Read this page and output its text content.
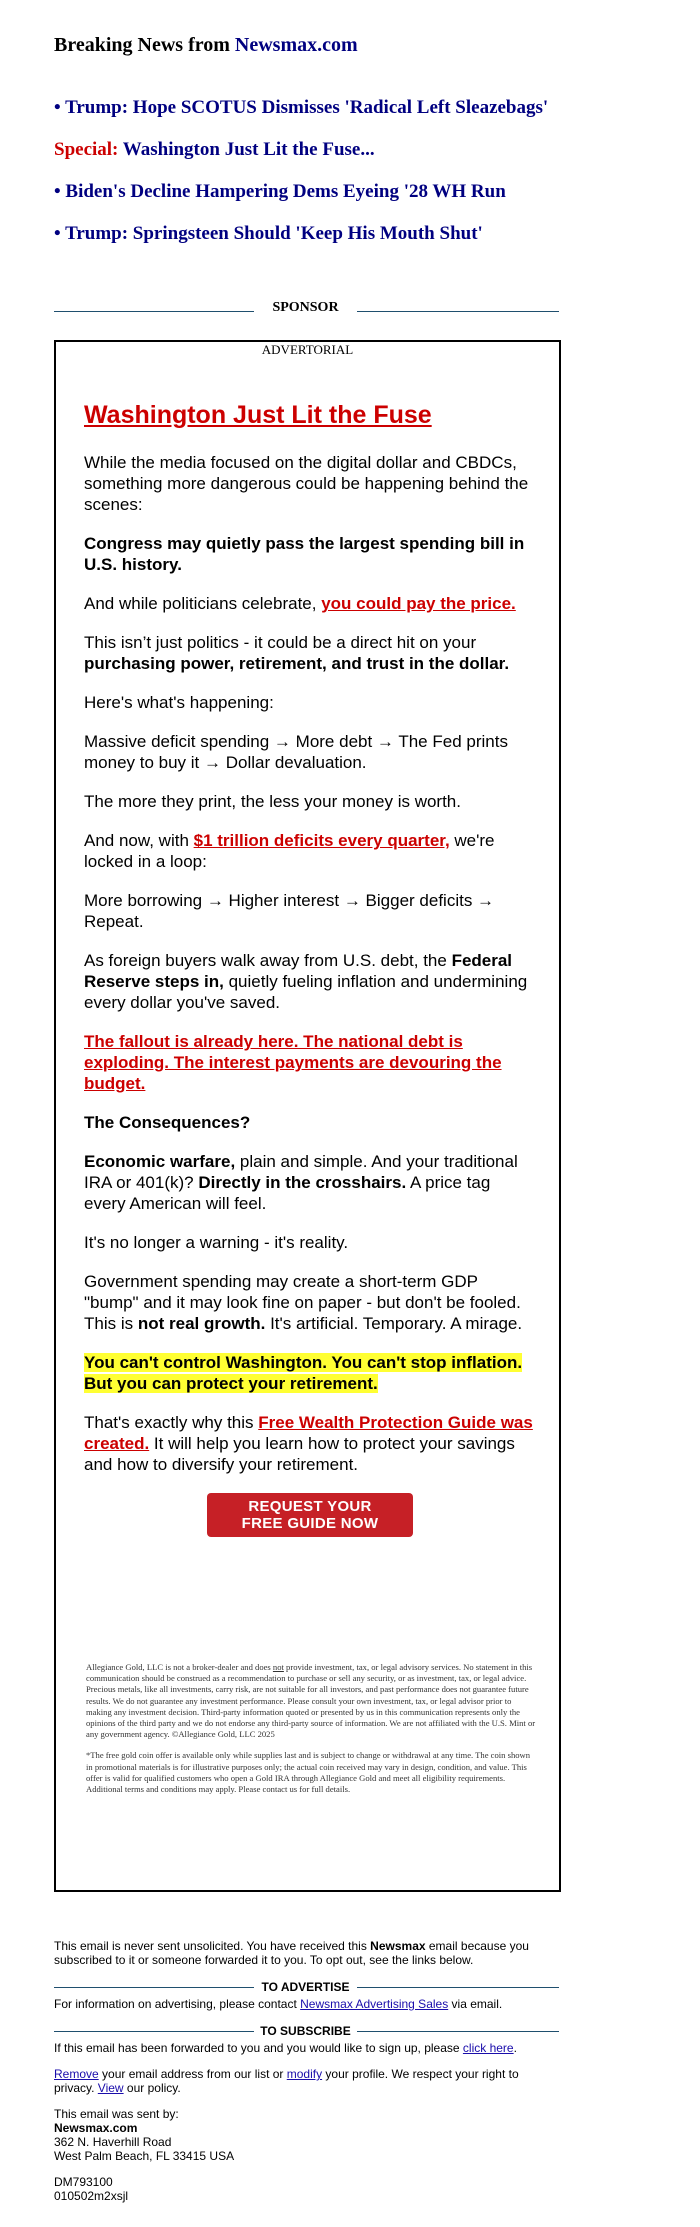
Breaking News from Newsmax.com
• Trump: Hope SCOTUS Dismisses 'Radical Left Sleazebags'
Special: Washington Just Lit the Fuse...
• Biden's Decline Hampering Dems Eyeing '28 WH Run
• Trump: Springsteen Should 'Keep His Mouth Shut'
SPONSOR
ADVERTORIAL
Washington Just Lit the Fuse

While the media focused on the digital dollar and CBDCs, something more dangerous could be happening behind the scenes:

Congress may quietly pass the largest spending bill in U.S. history.

And while politicians celebrate, you could pay the price.

This isn’t just politics - it could be a direct hit on your purchasing power, retirement, and trust in the dollar.

Here's what's happening:

Massive deficit spending → More debt → The Fed prints money to buy it → Dollar devaluation.

The more they print, the less your money is worth.

And now, with $1 trillion deficits every quarter, we're locked in a loop:

More borrowing → Higher interest → Bigger deficits → Repeat.

As foreign buyers walk away from U.S. debt, the Federal Reserve steps in, quietly fueling inflation and undermining every dollar you've saved.

The fallout is already here. The national debt is exploding. The interest payments are devouring the budget.

The Consequences?

Economic warfare, plain and simple. And your traditional IRA or 401(k)? Directly in the crosshairs. A price tag every American will feel.

It's no longer a warning - it's reality.

Government spending may create a short-term GDP "bump" and it may look fine on paper - but don't be fooled. This is not real growth. It's artificial. Temporary. A mirage.

You can't control Washington. You can't stop inflation. But you can protect your retirement.

That's exactly why this Free Wealth Protection Guide was created. It will help you learn how to protect your savings and how to diversify your retirement.

REQUEST YOUR
FREE GUIDE NOW

Allegiance Gold, LLC is not a broker-dealer and does not provide investment, tax, or legal advisory services. No statement in this communication should be construed as a recommendation to purchase or sell any security, or as investment, tax, or legal advice. Precious metals, like all investments, carry risk, are not suitable for all investors, and past performance does not guarantee future results. We do not guarantee any investment performance. Please consult your own investment, tax, or legal advisor prior to making any investment decision. Third-party information quoted or presented by us in this communication represents only the opinions of the third party and we do not endorse any third-party source of information. We are not affiliated with the U.S. Mint or any government agency. ©Allegiance Gold, LLC 2025

*The free gold coin offer is available only while supplies last and is subject to change or withdrawal at any time. The coin shown in promotional materials is for illustrative purposes only; the actual coin received may vary in design, condition, and value. This offer is valid for qualified customers who open a Gold IRA through Allegiance Gold and meet all eligibility requirements. Additional terms and conditions may apply. Please contact us for full details.

This email is never sent unsolicited. You have received this Newsmax email because you subscribed to it or someone forwarded it to you. To opt out, see the links below.

TO ADVERTISE

For information on advertising, please contact Newsmax Advertising Sales via email.

TO SUBSCRIBE

If this email has been forwarded to you and you would like to sign up, please click here.

Remove your email address from our list or modify your profile. We respect your right to privacy. View our policy.

This email was sent by:
Newsmax.com
362 N. Haverhill Road
West Palm Beach, FL 33415 USA

DM793100
010502m2xsjl
